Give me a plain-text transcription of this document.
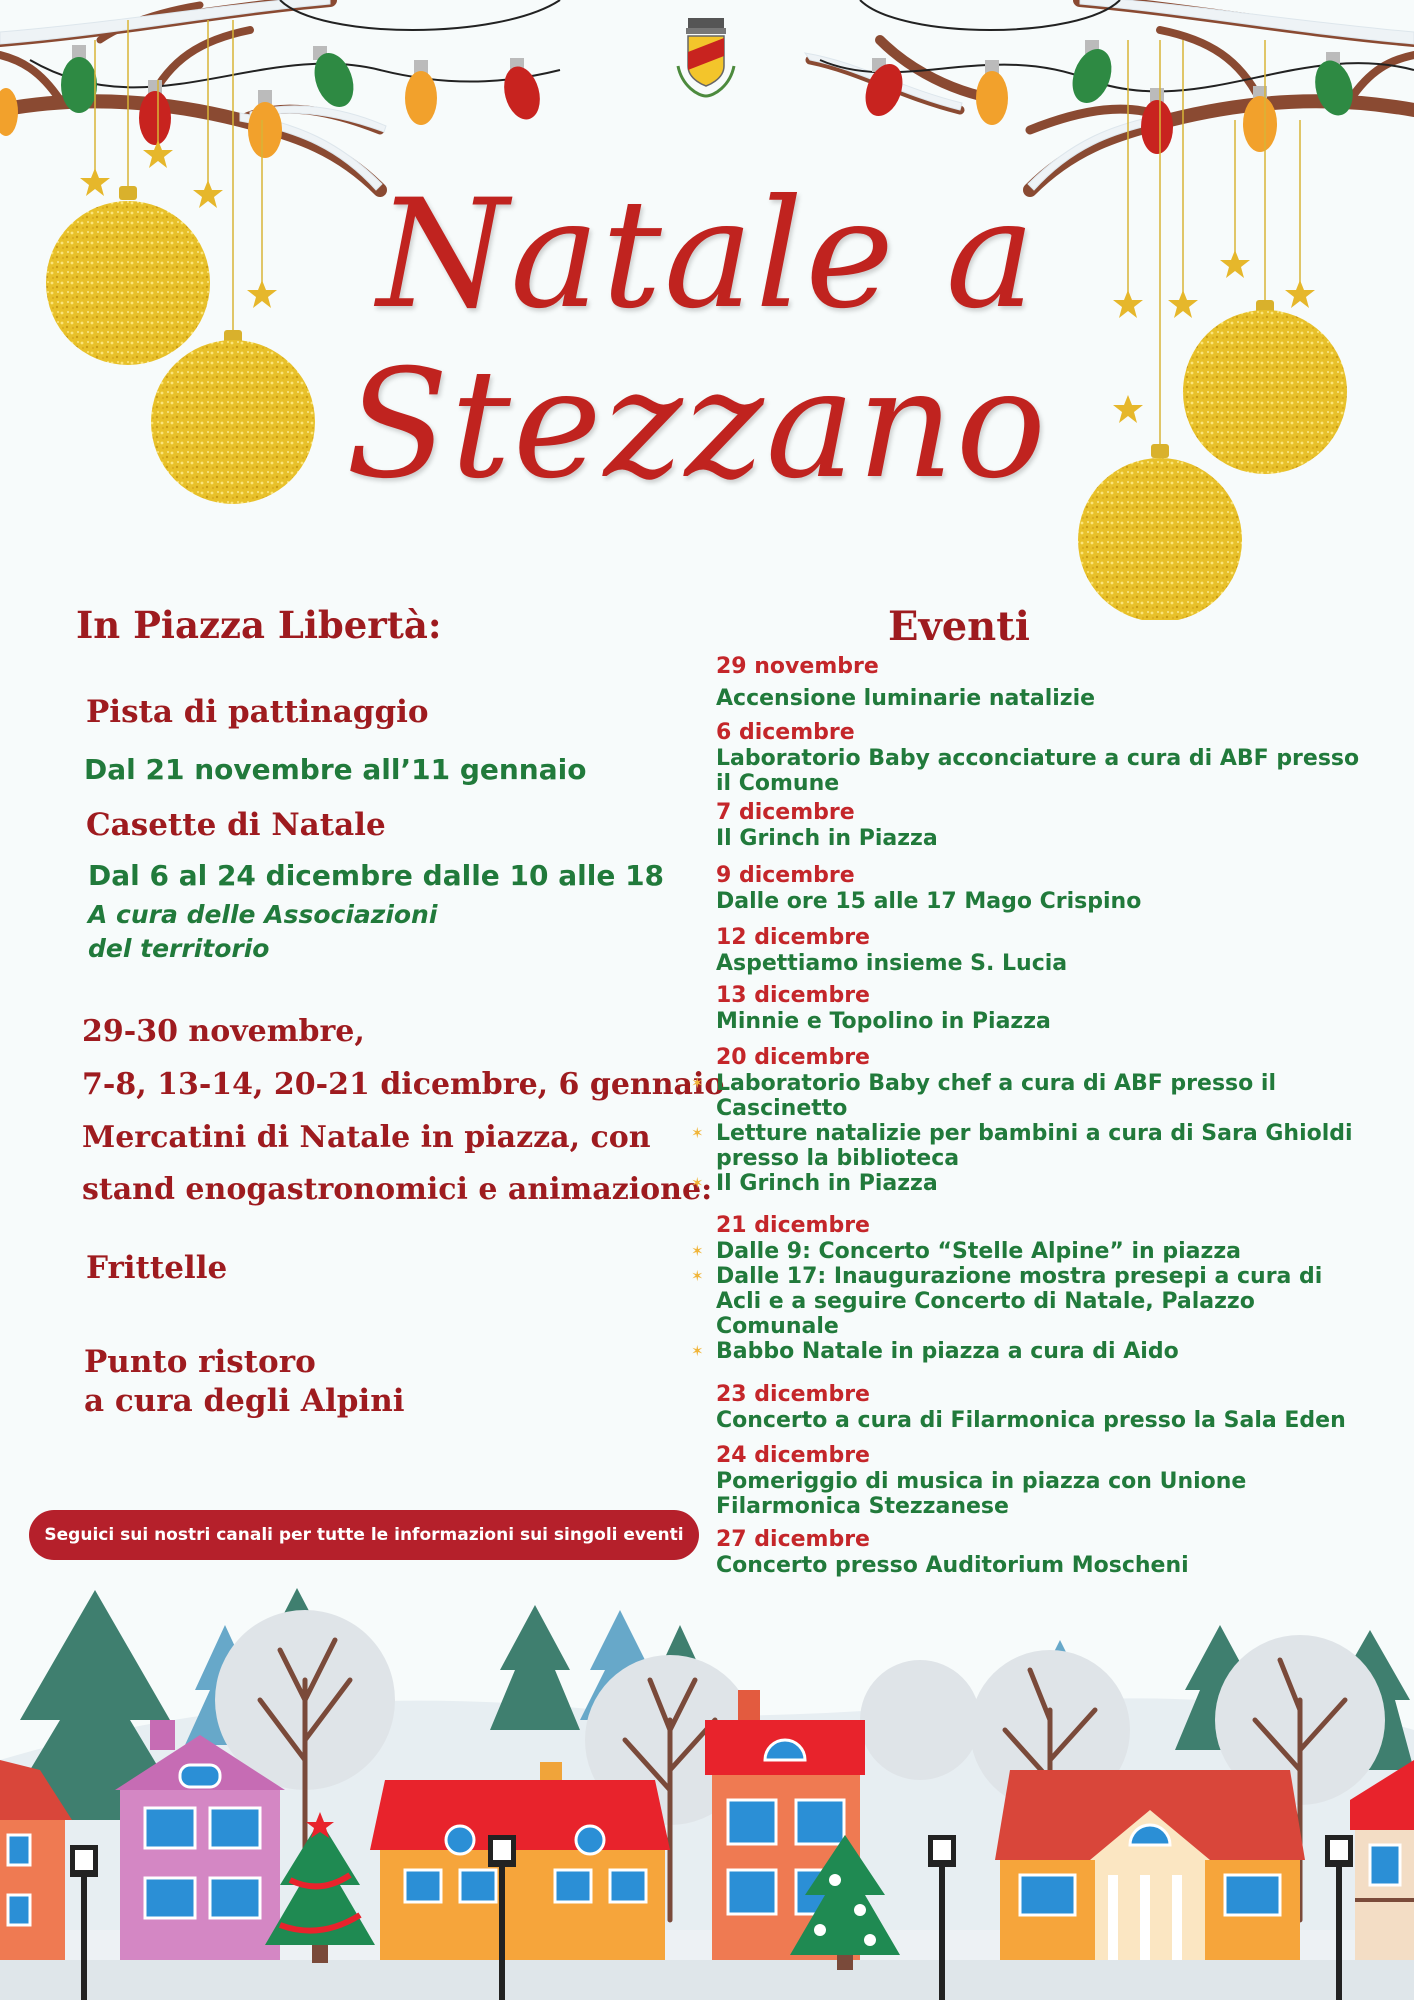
Natale a
Stezzano
In Piazza Libertà:
Pista di pattinaggio
Dal 21 novembre all’11 gennaio
Casette di Natale
Dal 6 al 24 dicembre dalle 10 alle 18
A cura delle Associazioni
del territorio
29-30 novembre,
7-8, 13-14, 20-21 dicembre, 6 gennaio
Mercatini di Natale in piazza, con
stand enogastronomici e animazione:
Frittelle
Punto ristoro
a cura degli Alpini
Seguici sui nostri canali per tutte le informazioni sui singoli eventi
Eventi
29 novembre
Accensione luminarie natalizie
6 dicembre
Laboratorio Baby acconciature a cura di ABF presso
il Comune
7 dicembre
Il Grinch in Piazza
9 dicembre
Dalle ore 15 alle 17 Mago Crispino
12 dicembre
Aspettiamo insieme S. Lucia
13 dicembre
Minnie e Topolino in Piazza
20 dicembre
✶ Laboratorio Baby chef a cura di ABF presso il
Cascinetto
✶ Letture natalizie per bambini a cura di Sara Ghioldi
presso la biblioteca
✶ Il Grinch in Piazza
21 dicembre
✶ Dalle 9: Concerto “Stelle Alpine” in piazza
✶ Dalle 17: Inaugurazione mostra presepi a cura di
Acli e a seguire Concerto di Natale, Palazzo
Comunale
✶ Babbo Natale in piazza a cura di Aido
23 dicembre
Concerto a cura di Filarmonica presso la Sala Eden
24 dicembre
Pomeriggio di musica in piazza con Unione
Filarmonica Stezzanese
27 dicembre
Concerto presso Auditorium Moscheni
